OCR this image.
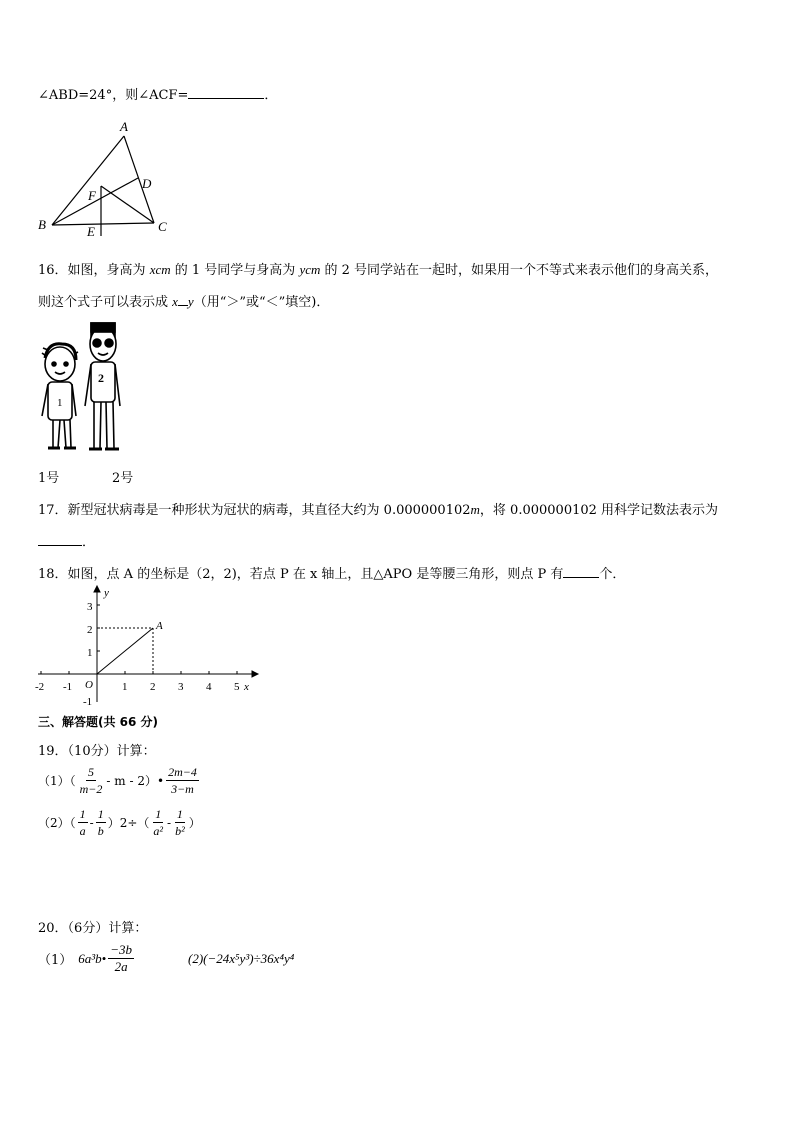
∠ABD=24°，则∠ACF=	．
A
B	C
D
E
F
16．如图，身高为 xcm 的 1 号同学与身高为 ycm 的 2 号同学站在一起时，如果用一个不等式来表示他们的身高关系，
则这个式子可以表示成 x y（用“＞”或“＜”填空)．
1
2
1号	2号
17．新型冠状病毒是一种形状为冠状的病毒，其直径大约为 0.000000102m，将 0.000000102 用科学记数法表示为
．
18．如图，点 A 的坐标是（2，2)，若点 P 在 x 轴上，且△APO 是等腰三角形，则点 P 有	个．
-2 -1	1 2 3 4 5
3
2
1
-1
O	x
y
A
三、解答题(共 66 分)
19．（10分）计算：
$(1)( \frac{5}{m-2}$ - m - 2）• $\frac{2m-4}{3-m}$
$(2)( \frac{1}{a} - \frac{1}{b} )2\div( \frac{1}{\text{a²}} - \frac{1}{\text{b²}}$ ）
20．（6分）计算：
（1） 6a³b• $\frac{-3b}{2a}$	(2)(−24x⁵y³)÷36x⁴y⁴
